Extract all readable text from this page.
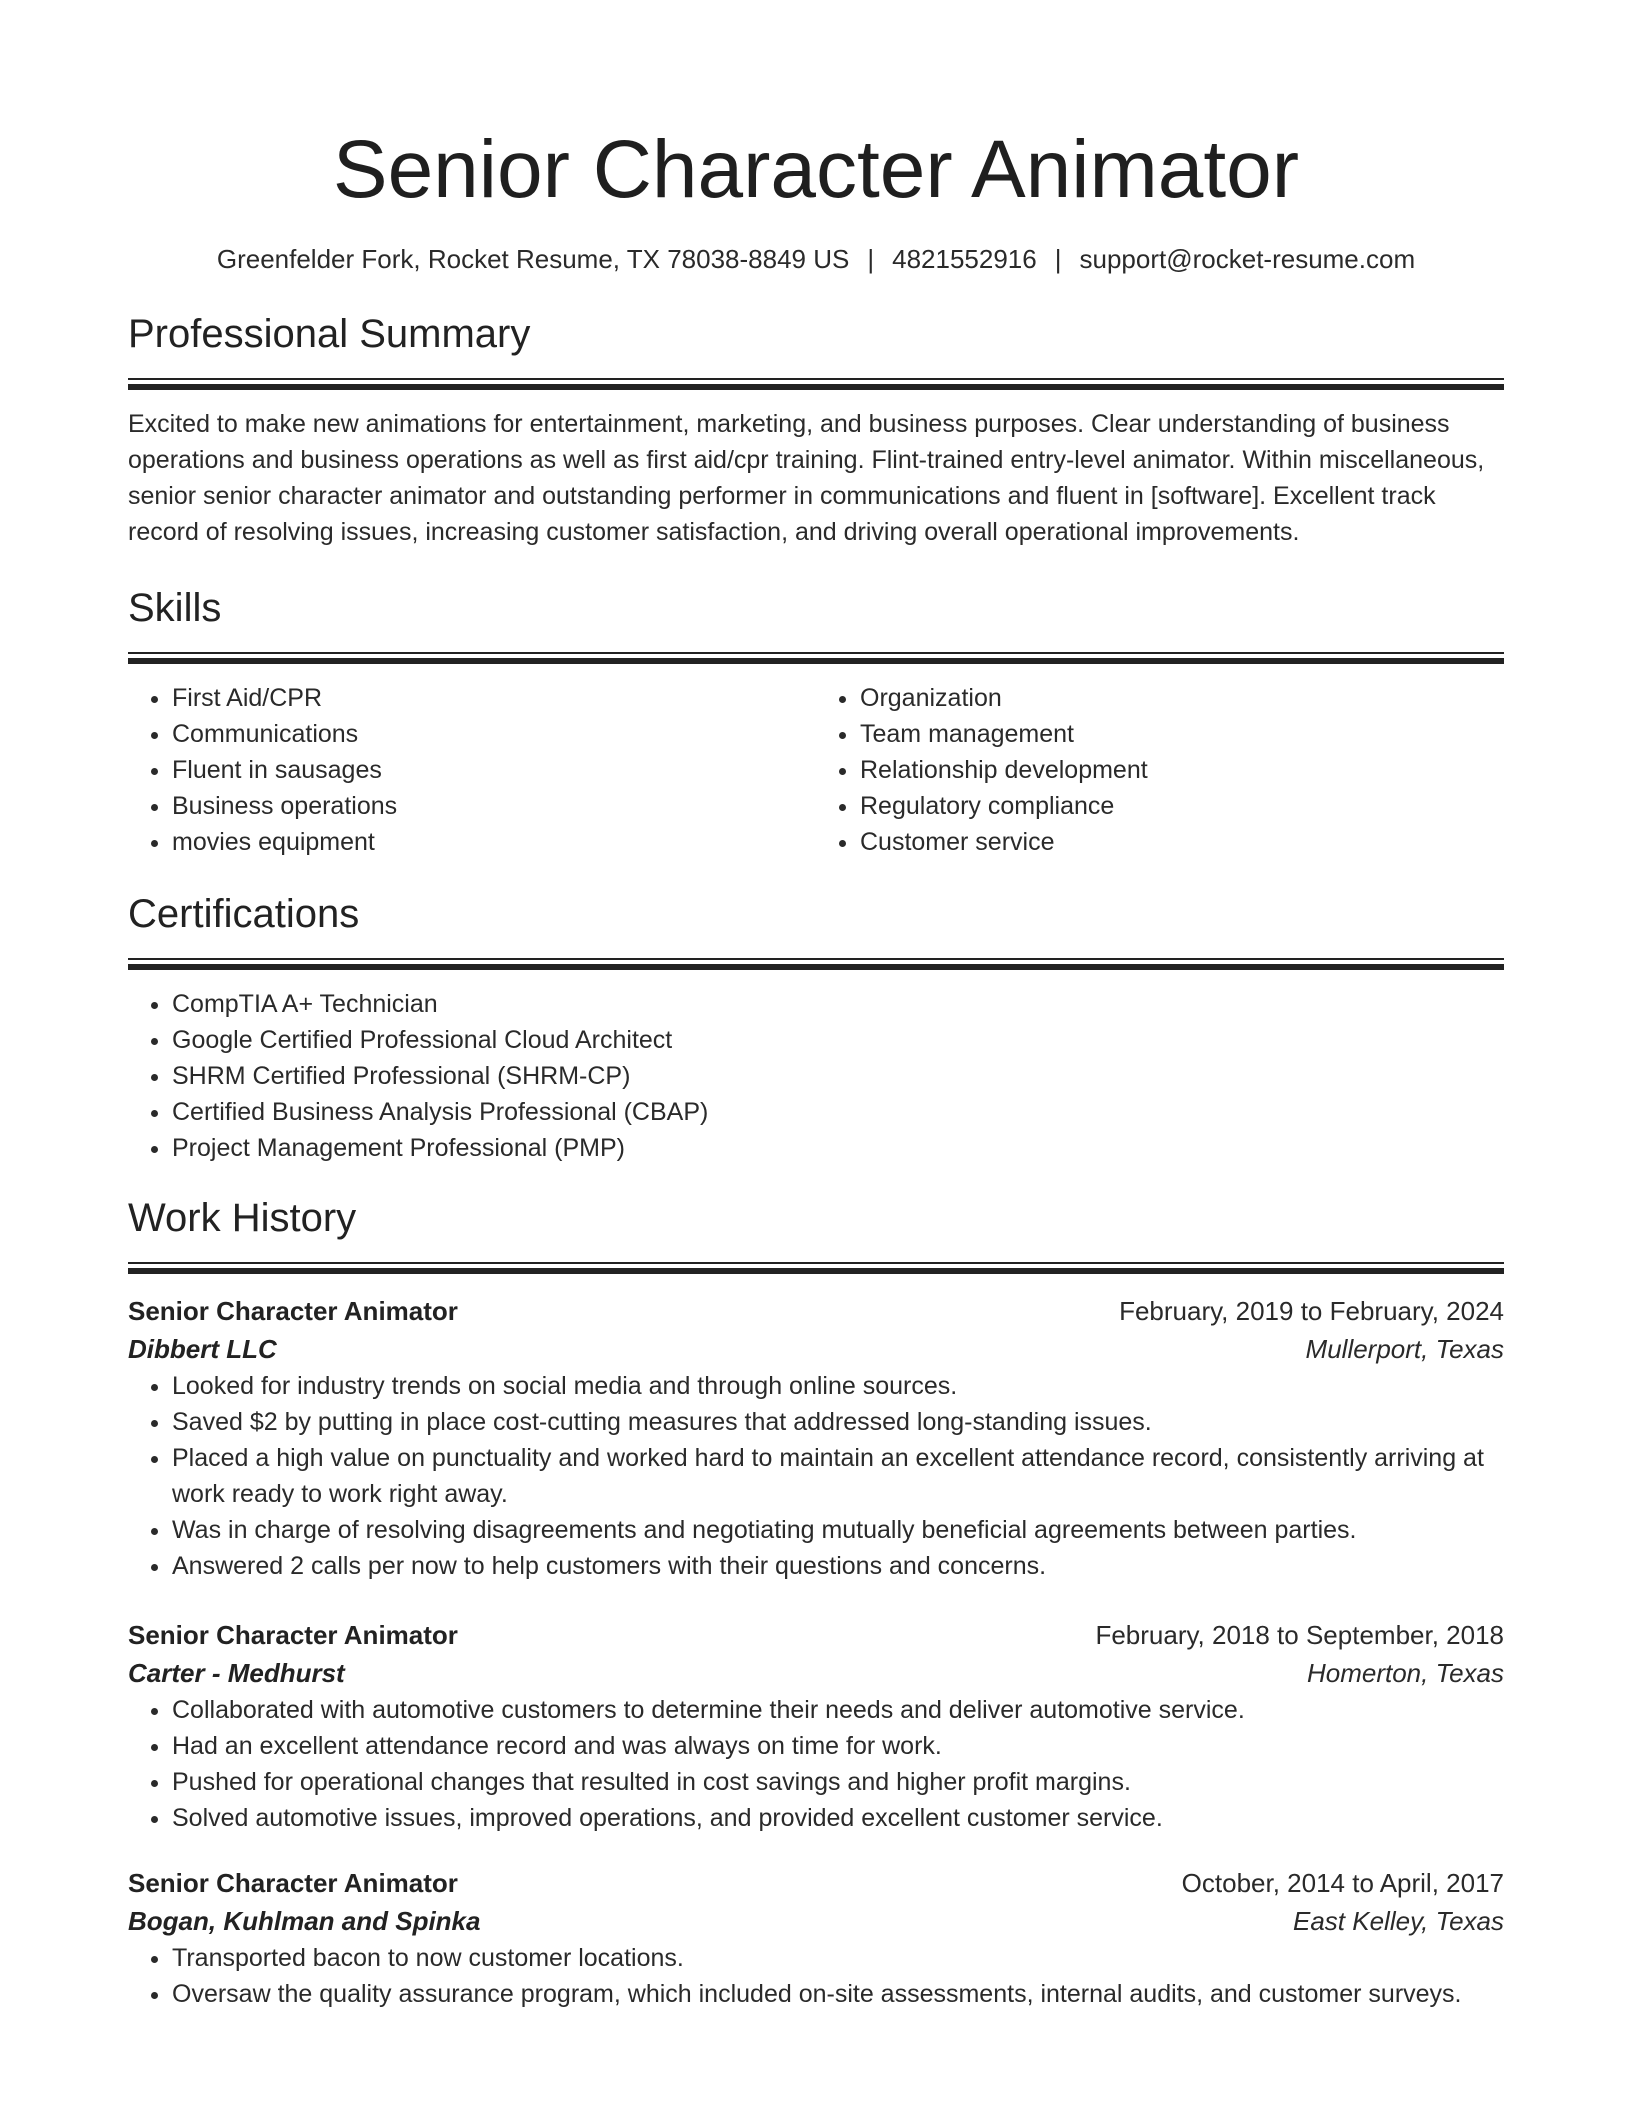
Senior Character Animator
Greenfelder Fork, Rocket Resume, TX 78038-8849 US | 4821552916 | support@rocket-resume.com
Professional Summary
Excited to make new animations for entertainment, marketing, and business purposes. Clear understanding of business operations and business operations as well as first aid/cpr training. Flint-trained entry-level animator. Within miscellaneous, senior senior character animator and outstanding performer in communications and fluent in [software]. Excellent track record of resolving issues, increasing customer satisfaction, and driving overall operational improvements.
Skills
• First Aid/CPR
• Communications
• Fluent in sausages
• Business operations
• movies equipment
• Organization
• Team management
• Relationship development
• Regulatory compliance
• Customer service
Certifications
• CompTIA A+ Technician
• Google Certified Professional Cloud Architect
• SHRM Certified Professional (SHRM-CP)
• Certified Business Analysis Professional (CBAP)
• Project Management Professional (PMP)
Work History
Senior Character Animator	February, 2019 to February, 2024
Dibbert LLC	Mullerport, Texas
• Looked for industry trends on social media and through online sources.
• Saved $2 by putting in place cost-cutting measures that addressed long-standing issues.
• Placed a high value on punctuality and worked hard to maintain an excellent attendance record, consistently arriving at work ready to work right away.
• Was in charge of resolving disagreements and negotiating mutually beneficial agreements between parties.
• Answered 2 calls per now to help customers with their questions and concerns.
Senior Character Animator	February, 2018 to September, 2018
Carter - Medhurst	Homerton, Texas
• Collaborated with automotive customers to determine their needs and deliver automotive service.
• Had an excellent attendance record and was always on time for work.
• Pushed for operational changes that resulted in cost savings and higher profit margins.
• Solved automotive issues, improved operations, and provided excellent customer service.
Senior Character Animator	October, 2014 to April, 2017
Bogan, Kuhlman and Spinka	East Kelley, Texas
• Transported bacon to now customer locations.
• Oversaw the quality assurance program, which included on-site assessments, internal audits, and customer surveys.
